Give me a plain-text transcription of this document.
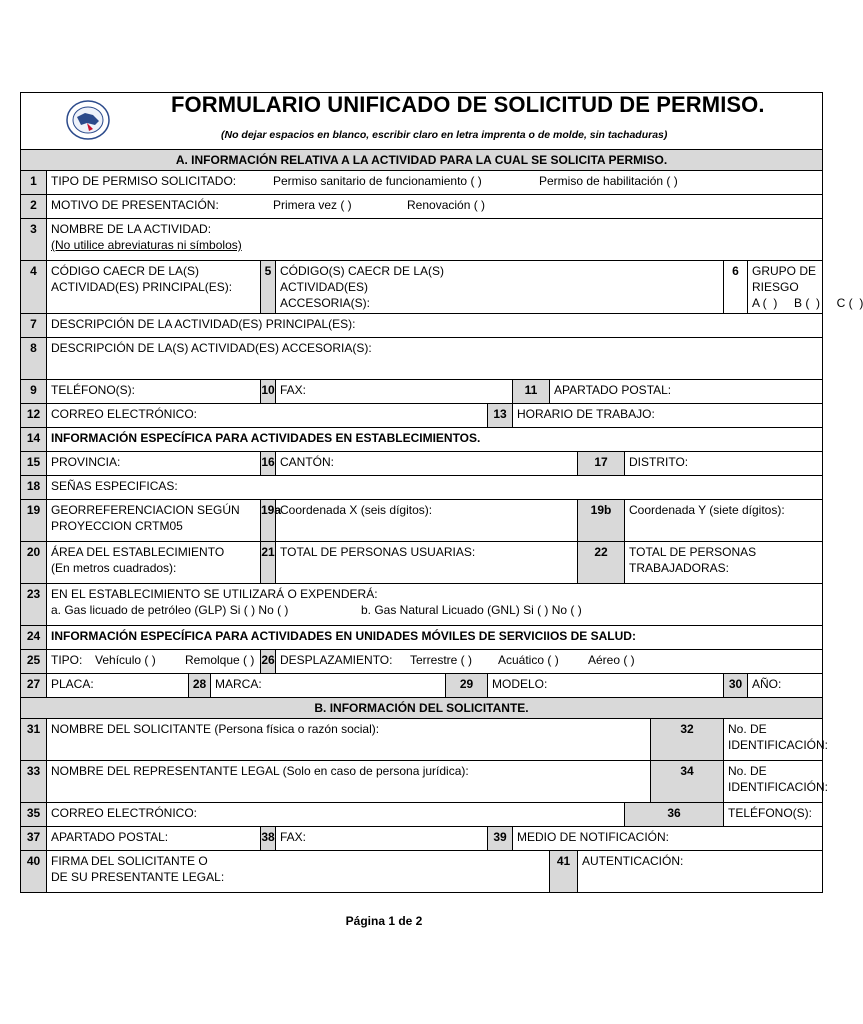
FORMULARIO UNIFICADO DE SOLICITUD DE PERMISO.
(No dejar espacios en blanco, escribir claro en letra imprenta o de molde, sin tachaduras)														

A. INFORMACIÓN RELATIVA A LA ACTIVIDAD PARA LA CUAL SE SOLICITA PERMISO.														
1	TIPO DE PERMISO SOLICITADO: Permiso sanitario de funcionamiento ( ) Permiso de habilitación ( )													
2	MOTIVO DE PRESENTACIÓN: Primera vez ( ) Renovación ( )													
3	NOMBRE DE LA ACTIVIDAD:
(No utilice abreviaturas ni símbolos)													

4	CÓDIGO CAECR DE LA(S) ACTIVIDAD(ES) PRINCIPAL(ES):			5	CÓDIGO(S) CAECR DE LA(S) ACTIVIDAD(ES) ACCESORIA(S):								6	GRUPO DE RIESGO
A (  )     B (  )     C (  )

7	DESCRIPCIÓN DE LA ACTIVIDAD(ES) PRINCIPAL(ES):													
8	DESCRIPCIÓN DE LA(S) ACTIVIDAD(ES) ACCESORIA(S):													
9	TELÉFONO(S):			10	FAX:			11	APARTADO POSTAL:					
12	CORREO ELECTRÓNICO:						13	HORARIO DE TRABAJO:						
14	INFORMACIÓN ESPECÍFICA PARA ACTIVIDADES EN ESTABLECIMIENTOS.													
15	PROVINCIA:			16	CANTÓN:					17	DISTRITO:			
18	SEÑAS ESPECIFICAS:													
19	GEORREFERENCIACION SEGÚN PROYECCION CRTM05			19a	Coordenada X (seis dígitos):					19b	Coordenada Y (siete dígitos):			
20	ÁREA DEL ESTABLECIMIENTO
(En metros cuadrados):			21	TOTAL DE PERSONAS USUARIAS:					22	TOTAL DE PERSONAS TRABAJADORAS:			
23	EN EL ESTABLECIMIENTO SE UTILIZARÁ O EXPENDERÁ:
a. Gas licuado de petróleo (GLP) Si ( ) No ( ) b. Gas Natural Licuado (GNL) Si ( ) No ( )													

24	INFORMACIÓN ESPECÍFICA PARA ACTIVIDADES EN UNIDADES MÓVILES DE SERVICIIOS DE SALUD:													
25	TIPO: Vehículo ( ) Remolque ( )			26	DESPLAZAMIENTO: Terrestre ( ) Acuático ( ) Aéreo ( )									
27	PLACA:	28	MARCA:			29	MODELO:						30	AÑO:
B. INFORMACIÓN DEL SOLICITANTE.														
31	NOMBRE DEL SOLICITANTE (Persona física o razón social):											32	No. DE IDENTIFICACIÓN:	
33	NOMBRE DEL REPRESENTANTE LEGAL (Solo en caso de persona jurídica):											34	No. DE IDENTIFICACIÓN:	
35	CORREO ELECTRÓNICO:										36		TELÉFONO(S):	
37	APARTADO POSTAL:			38	FAX:		39	MEDIO DE NOTIFICACIÓN:						
40	FIRMA DEL SOLICITANTE O
DE SU PRESENTANTE LEGAL:								41	AUTENTICACIÓN:				
Página 1 de 2
